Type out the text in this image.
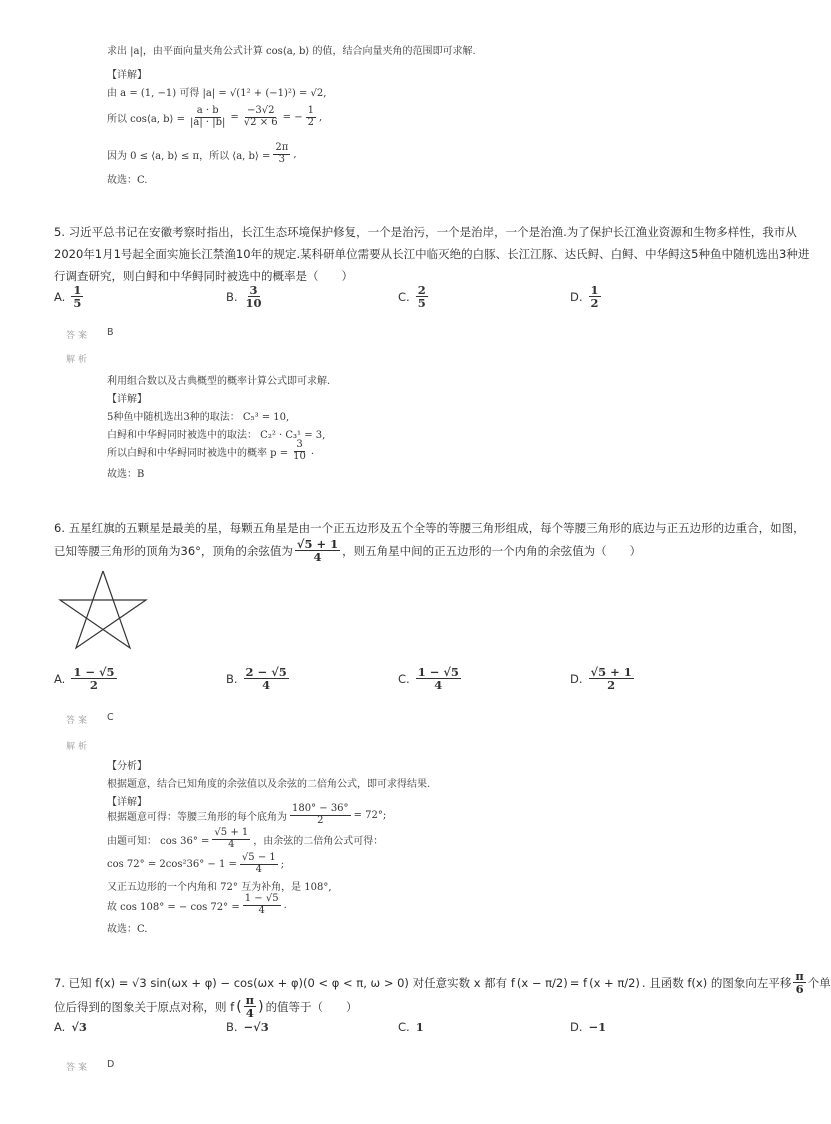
求出 |a|，由平面向量夹角公式计算 cos⟨a, b⟩ 的值，结合向量夹角的范围即可求解.
【详解】
由 a = (1, −1) 可得 |a| = √(1² + (−1)²) = √2,
所以 cos⟨a, b⟩ = $\frac{a \cdot b}{|a| \cdot |b|} = \frac{-3√2}{√2 \times 6}$ = − $\frac{1}{2}$ ,
因为 0 ≤ ⟨a, b⟩ ≤ π，所以 ⟨a, b⟩ = $\frac{2\pi}{3}$ ,
故选：C.
5. 习近平总书记在安徽考察时指出，长江生态环境保护修复，一个是治污，一个是治岸，一个是治渔.为了保护长江渔业资源和生物多样性，我市从
2020年1月1号起全面实施长江禁渔10年的规定.某科研单位需要从长江中临灭绝的白豚、长江江豚、达氏鲟、白鲟、中华鲟这5种鱼中随机选出3种进
行调查研究，则白鲟和中华鲟同时被选中的概率是（　　）
A. $\frac{1}{5}$	B. $\frac{3}{10}$	C. $\frac{2}{5}$	D. $\frac{1}{2}$
答案 B
解析
利用组合数以及古典概型的概率计算公式即可求解.
【详解】
5种鱼中随机选出3种的取法： C₅³ = 10,
白鲟和中华鲟同时被选中的取法： C₂² · C₃¹ = 3,
所以白鲟和中华鲟同时被选中的概率 $p = \frac{3}{10}$ .
故选：B
6. 五星红旗的五颗星是最美的星，每颗五角星是由一个正五边形及五个全等的等腰三角形组成，每个等腰三角形的底边与正五边形的边重合，如图，
已知等腰三角形的顶角为36°，顶角的余弦值为 $\frac{√5 + 1}{4}$ ，则五角星中间的正五边形的一个内角的余弦值为（　　）
A. $\frac{1 - √5}{2}$	B. $\frac{2 - √5}{4}$	C. $\frac{1 - √5}{4}$	D. $\frac{√5 + 1}{2}$
答案 C
解析
【分析】
根据题意，结合已知角度的余弦值以及余弦的二倍角公式，即可求得结果.
【详解】
根据题意可得：等腰三角形的每个底角为 $\frac{180^\circ - 36^\circ}{2} = 72^\circ$;
由题可知： $\cos 36^\circ = \frac{√5 + 1}{4}$ ，由余弦的二倍角公式可得：
$\cos 72^\circ = 2\cos^236^\circ - 1 = \frac{√5 - 1}{4}$ ;
又正五边形的一个内角和 72° 互为补角，是 108°,
故 cos 108° = − $\cos 72^\circ = \frac{1 - √5}{4}$ .
故选：C.
7. 已知 f(x) = √3 sin(ωx + φ) − cos(ωx + φ)(0 < φ < π, ω > 0) 对任意实数 x 都有 f (x − π/2) = f (x + π/2) . 且函数 f(x) 的图象向左平移 $\frac{\pi}{6}$ 个单
位后得到的图象关于原点对称，则 f ( $\frac{\pi}{4}$ ) 的值等于（　　）
A. √3	B. −√3	C. 1	D. −1
答案 D
